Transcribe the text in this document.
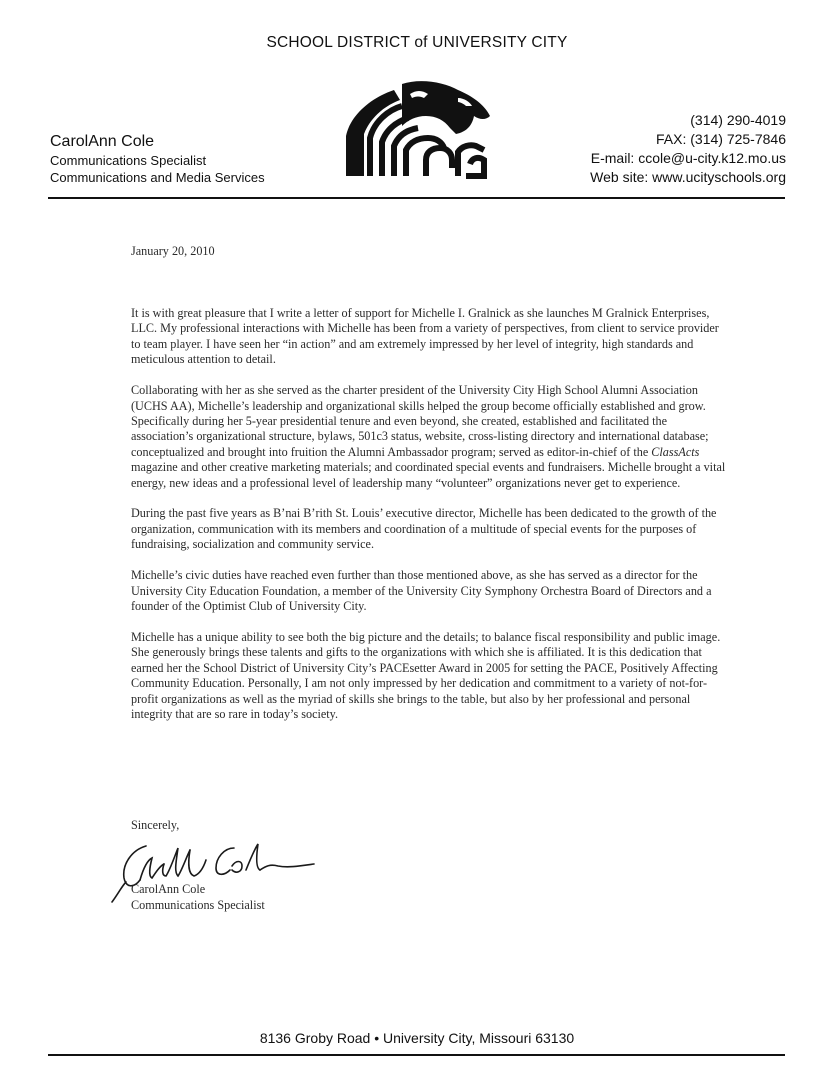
SCHOOL DISTRICT of UNIVERSITY CITY
CarolAnn Cole
Communications Specialist
Communications and Media Services
(314) 290-4019
FAX: (314) 725-7846
E-mail: ccole@u-city.k12.mo.us
Web site: www.ucityschools.org
January 20, 2010

It is with great pleasure that I write a letter of support for Michelle I. Gralnick as she launches M Gralnick Enterprises, LLC. My professional interactions with Michelle has been from a variety of perspectives, from client to service provider to team player. I have seen her “in action” and am extremely impressed by her level of integrity, high standards and meticulous attention to detail.

Collaborating with her as she served as the charter president of the University City High School Alumni Association (UCHS AA), Michelle’s leadership and organizational skills helped the group become officially established and grow. Specifically during her 5-year presidential tenure and even beyond, she created, established and facilitated the association’s organizational structure, bylaws, 501c3 status, website, cross-listing directory and international database; conceptualized and brought into fruition the Alumni Ambassador program; served as editor-in-chief of the ClassActs magazine and other creative marketing materials; and coordinated special events and fundraisers. Michelle brought a vital energy, new ideas and a professional level of leadership many “volunteer” organizations never get to experience.

During the past five years as B’nai B’rith St. Louis’ executive director, Michelle has been dedicated to the growth of the organization, communication with its members and coordination of a multitude of special events for the purposes of fundraising, socialization and community service.

Michelle’s civic duties have reached even further than those mentioned above, as she has served as a director for the University City Education Foundation, a member of the University City Symphony Orchestra Board of Directors and a founder of the Optimist Club of University City.

Michelle has a unique ability to see both the big picture and the details; to balance fiscal responsibility and public image. She generously brings these talents and gifts to the organizations with which she is affiliated. It is this dedication that earned her the School District of University City’s PACEsetter Award in 2005 for setting the PACE, Positively Affecting Community Education. Personally, I am not only impressed by her dedication and commitment to a variety of not-for-profit organizations as well as the myriad of skills she brings to the table, but also by her professional and personal integrity that are so rare in today’s society.

Sincerely,
CarolAnn Cole
Communications Specialist
8136 Groby Road • University City, Missouri 63130
